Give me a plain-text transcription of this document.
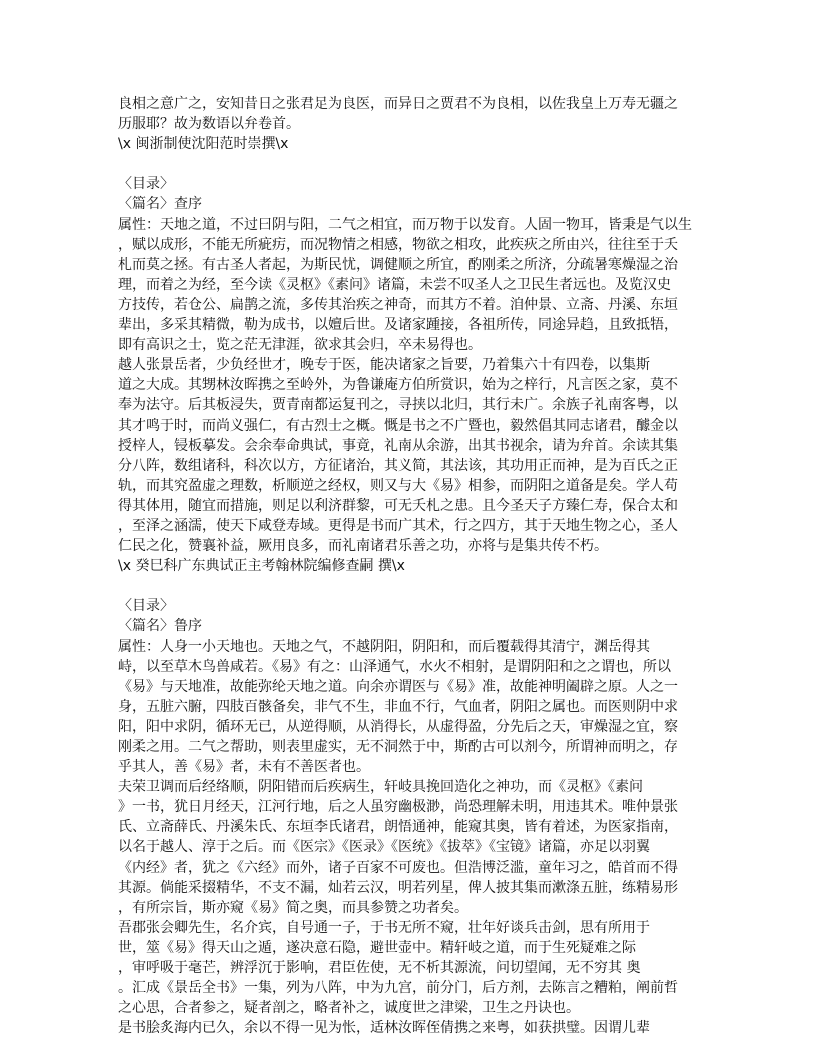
良相之意广之，安知昔日之张君足为良医，而异日之贾君不为良相，以佐我皇上万寿无疆之
历服耶？故为数语以弁卷首。
\x 闽浙制使沈阳范时崇撰\x
〈目录〉
〈篇名〉查序
属性：天地之道，不过曰阴与阳，二气之相宜，而万物于以发育。人固一物耳，皆秉是气以生
，赋以成形，不能无所疵疠，而况物情之相感，物欲之相攻，此疾疢之所由兴，往往至于夭
札而莫之拯。有古圣人者起，为斯民忧，调健顺之所宜，酌刚柔之所济，分疏暑寒燥湿之治
理，而着之为经，至今读《灵枢》《素问》诸篇，未尝不叹圣人之卫民生者远也。及览汉史
方技传，若仓公、扁鹊之流，多传其治疾之神奇，而其方不着。洎仲景、立斋、丹溪、东垣
辈出，多采其精微，勒为成书，以嬗后世。及诸家踵接，各祖所传，同途异趋，且致抵牾，
即有高识之士，览之茫无津涯，欲求其会归，卒未易得也。
越人张景岳者，少负经世才，晚专于医，能决诸家之旨要，乃着集六十有四卷，以集斯
道之大成。其甥林汝晖携之至岭外，为鲁谦庵方伯所赏识，始为之梓行，凡言医之家，莫不
奉为法守。后其板浸失，贾青南都运复刊之，寻挟以北归，其行未广。余族子礼南客粤，以
其才鸣于时，而尚义强仁，有古烈士之概。慨是书之不广暨也，毅然倡其同志诸君，醵金以
授梓人，锓板摹发。会余奉命典试，事竟，礼南从余游，出其书视余，请为弁首。余读其集
分八阵，数组诸科，科次以方，方征诸治，其义简，其法该，其功用正而神，是为百氏之正
轨，而其究盈虚之理数，析顺逆之经权，则又与大《易》相参，而阴阳之道备是矣。学人苟
得其体用，随宜而措施，则足以利济群黎，可无夭札之患。且今圣天子方臻仁寿，保合太和
，至泽之涵濡，使天下咸登寿域。更得是书而广其术，行之四方，其于天地生物之心，圣人
仁民之化，赞襄补益，厥用良多，而礼南诸君乐善之功，亦将与是集共传不朽。
\x 癸巳科广东典试正主考翰林院编修查嗣 撰\x
〈目录〉
〈篇名〉鲁序
属性：人身一小天地也。天地之气，不越阴阳，阴阳和，而后覆载得其清宁，渊岳得其
峙，以至草木鸟兽咸若。《易》有之：山泽通气，水火不相射，是谓阴阳和之之谓也，所以
《易》与天地准，故能弥纶天地之道。向余亦谓医与《易》准，故能神明阖辟之原。人之一
身，五脏六腑，四肢百骸备矣，非气不生，非血不行，气血者，阴阳之属也。而医则阴中求
阳，阳中求阴，循环无已，从逆得顺，从消得长，从虚得盈，分先后之天，审燥湿之宜，察
刚柔之用。二气之帮助，则表里虚实，无不洞然于中，斯酌古可以剂今，所谓神而明之，存
乎其人，善《易》者，未有不善医者也。
夫荣卫调而后经络顺，阴阳错而后疾病生，轩岐具挽回造化之神功，而《灵枢》《素问
》一书，犹日月经天，江河行地，后之人虽穷幽极渺，尚恐理解未明，用违其术。唯仲景张
氏、立斋薛氏、丹溪朱氏、东垣李氏诸君，朗悟通神，能窥其奥，皆有着述，为医家指南，
以名于越人、淳于之后。而《医宗》《医录》《医统》《拔萃》《宝镜》诸篇，亦足以羽翼
《内经》者，犹之《六经》而外，诸子百家不可废也。但浩博泛滥，童年习之，皓首而不得
其源。倘能采掇精华，不支不漏，灿若云汉，明若列星，俾人披其集而漱涤五脏，练精易形
，有所宗旨，斯亦窥《易》简之奥，而具参赞之功者矣。
吾郡张会卿先生，名介宾，自号通一子，于书无所不窥，壮年好谈兵击剑，思有所用于
世，筮《易》得天山之遁，遂决意石隐，避世壶中。精轩岐之道，而于生死疑难之际
，审呼吸于毫芒，辨浮沉于影响，君臣佐使，无不析其源流，问切望闻，无不穷其 奥
。汇成《景岳全书》一集，列为八阵，中为九宫，前分门，后方剂，去陈言之糟粕，阐前哲
之心思，合者参之，疑者剖之，略者补之，诚度世之津梁，卫生之丹诀也。
是书脍炙海内已久，余以不得一见为怅，适林汝晖侄倩携之来粤，如获拱璧。因谓儿辈
